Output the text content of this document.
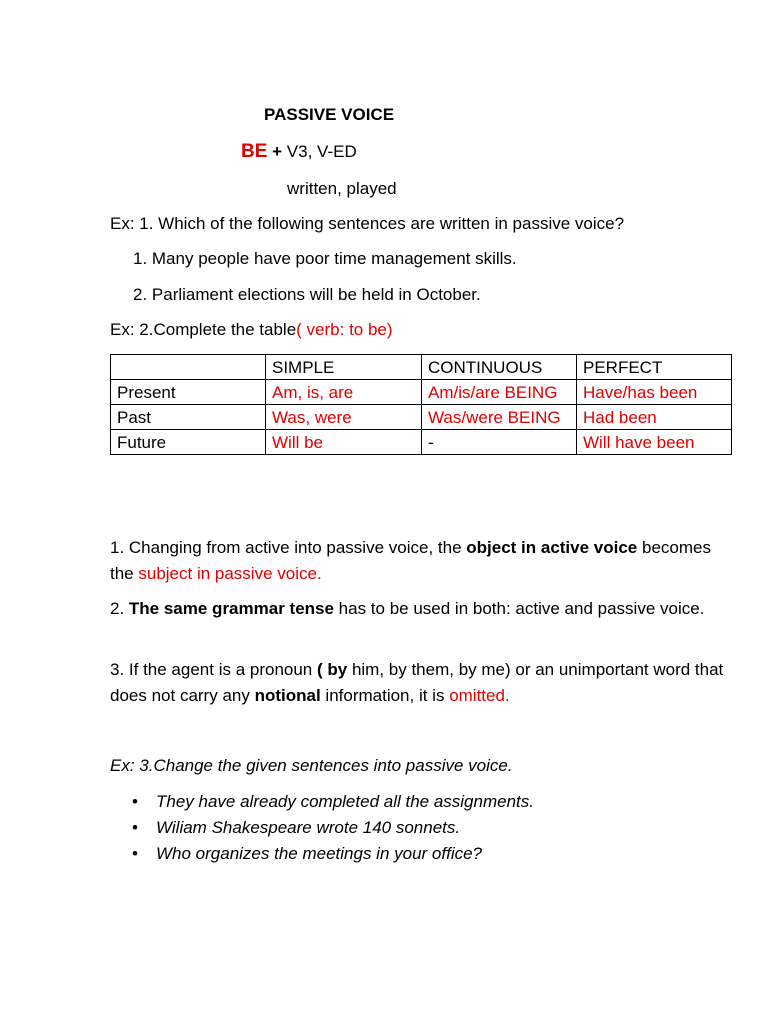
PASSIVE VOICE
BE + V3, V-ED
written, played
Ex: 1. Which of the following sentences are written in passive voice?
1. Many people have poor time management skills.
2. Parliament elections will be held in October.
Ex: 2.Complete the table( verb: to be)
	SIMPLE	CONTINUOUS	PERFECT
Present	Am, is, are	Am/is/are BEING	Have/has been
Past	Was, were	Was/were BEING	Had been
Future	Will be	-	Will have been
1. Changing from active into passive voice, the object in active voice becomes the subject in passive voice.
2. The same grammar tense has to be used in both: active and passive voice.
3. If the agent is a pronoun ( by him, by them, by me) or an unimportant word that does not carry any notional information, it is omitted.
Ex: 3.Change the given sentences into passive voice.
• They have already completed all the assignments.
• Wiliam Shakespeare wrote 140 sonnets.
• Who organizes the meetings in your office?
